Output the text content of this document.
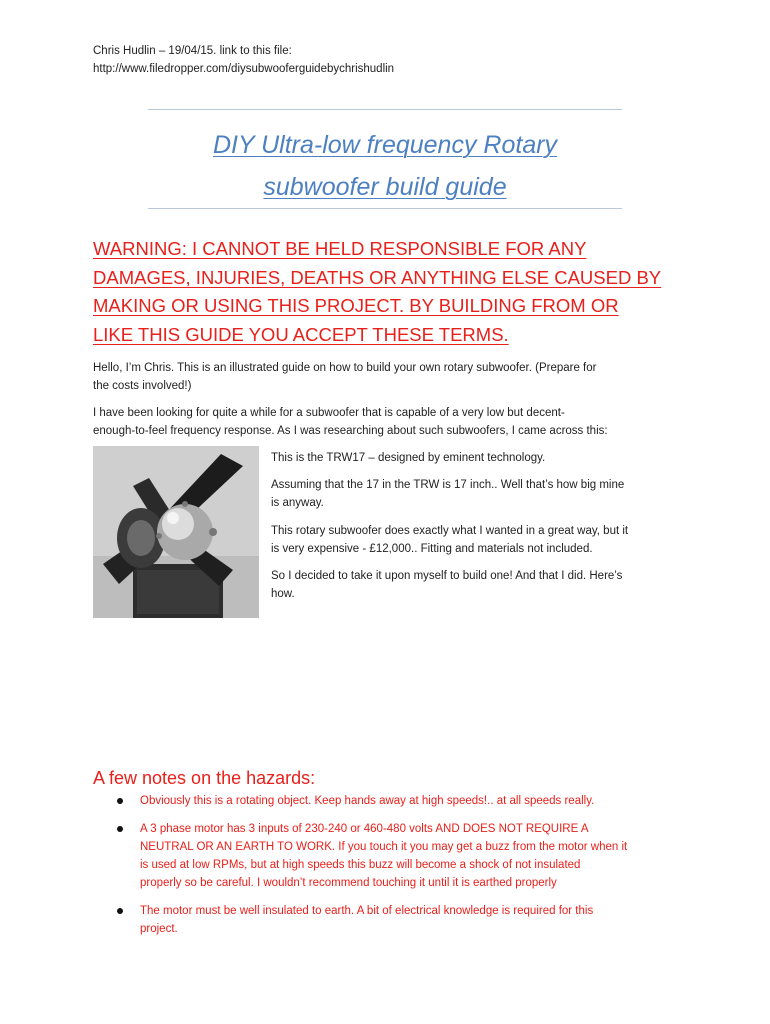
Chris Hudlin – 19/04/15. link to this file:
http://www.filedropper.com/diysubwooferguidebychrishudlin
DIY Ultra-low frequency Rotary
subwoofer build guide
WARNING: I CANNOT BE HELD RESPONSIBLE FOR ANY
DAMAGES, INJURIES, DEATHS OR ANYTHING ELSE CAUSED BY
MAKING OR USING THIS PROJECT. BY BUILDING FROM OR
LIKE THIS GUIDE YOU ACCEPT THESE TERMS.
Hello, I’m Chris. This is an illustrated guide on how to build your own rotary subwoofer. (Prepare for
the costs involved!)
I have been looking for quite a while for a subwoofer that is capable of a very low but decent-
enough-to-feel frequency response. As I was researching about such subwoofers, I came across this:
This is the TRW17 – designed by eminent technology.
Assuming that the 17 in the TRW is 17 inch.. Well that’s how big mine
is anyway.
This rotary subwoofer does exactly what I wanted in a great way, but it
is very expensive - £12,000.. Fitting and materials not included.
So I decided to take it upon myself to build one! And that I did. Here’s
how.
A few notes on the hazards:
Obviously this is a rotating object. Keep hands away at high speeds!.. at all speeds really.
A 3 phase motor has 3 inputs of 230-240 or 460-480 volts AND DOES NOT REQUIRE A
NEUTRAL OR AN EARTH TO WORK. If you touch it you may get a buzz from the motor when it
is used at low RPMs, but at high speeds this buzz will become a shock of not insulated
properly so be careful. I wouldn’t recommend touching it until it is earthed properly
The motor must be well insulated to earth. A bit of electrical knowledge is required for this
project.
